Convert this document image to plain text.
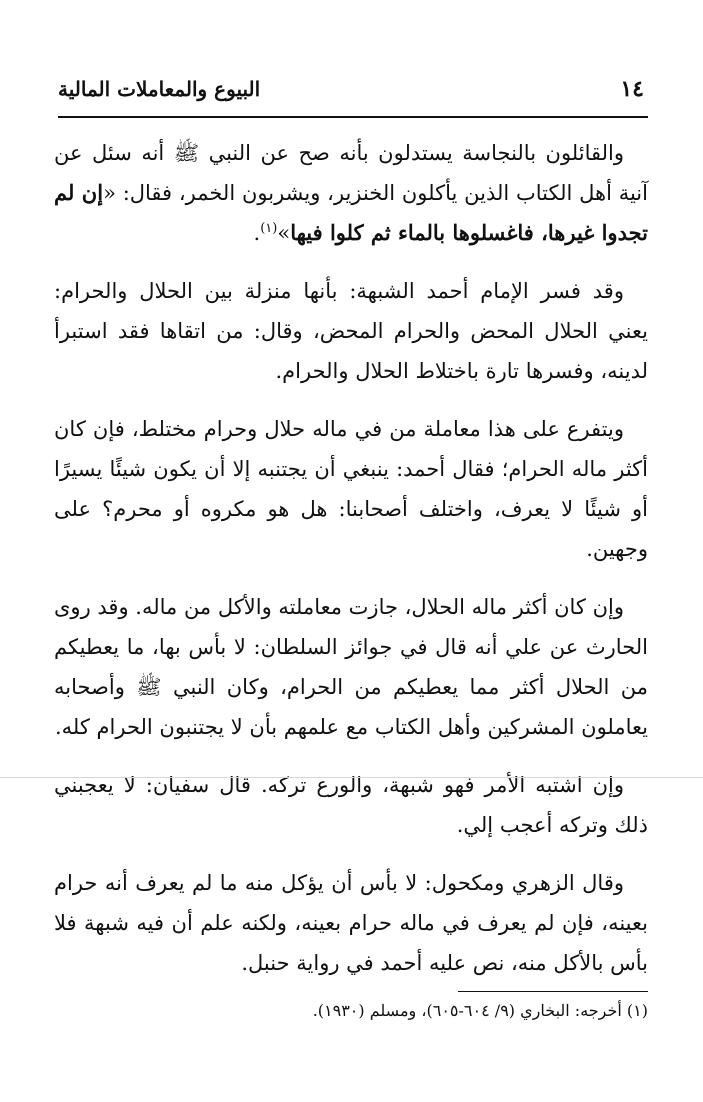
١٤
البيوع والمعاملات المالية

والقائلون بالنجاسة يستدلون بأنه صح عن النبي ﷺ أنه سئل عن آنية أهل الكتاب الذين يأكلون الخنزير، ويشربون الخمر، فقال: «إن لم تجدوا غيرها، فاغسلوها بالماء ثم كلوا فيها»$^{(١)}$.

وقد فسر الإمام أحمد الشبهة: بأنها منزلة بين الحلال والحرام: يعني الحلال المحض والحرام المحض، وقال: من اتقاها فقد استبرأ لدينه، وفسرها تارة باختلاط الحلال والحرام.

ويتفرع على هذا معاملة من في ماله حلال وحرام مختلط، فإن كان أكثر ماله الحرام؛ فقال أحمد: ينبغي أن يجتنبه إلا أن يكون شيئًا يسيرًا أو شيئًا لا يعرف، واختلف أصحابنا: هل هو مكروه أو محرم؟ على وجهين.

وإن كان أكثر ماله الحلال، جازت معاملته والأكل من ماله. وقد روى الحارث عن علي أنه قال في جوائز السلطان: لا بأس بها، ما يعطيكم من الحلال أكثر مما يعطيكم من الحرام، وكان النبي ﷺ وأصحابه يعاملون المشركين وأهل الكتاب مع علمهم بأن لا يجتنبون الحرام كله.

وإن اشتبه الأمر فهو شبهة، والورع تركه. قال سفيان: لا يعجبني ذلك وتركه أعجب إلي.

وقال الزهري ومكحول: لا بأس أن يؤكل منه ما لم يعرف أنه حرام بعينه، فإن لم يعرف في ماله حرام بعينه، ولكنه علم أن فيه شبهة فلا بأس بالأكل منه، نص عليه أحمد في رواية حنبل.

(١) أخرجه: البخاري (٩/ ٦٠٤-٦٠٥)، ومسلم (١٩٣٠).
